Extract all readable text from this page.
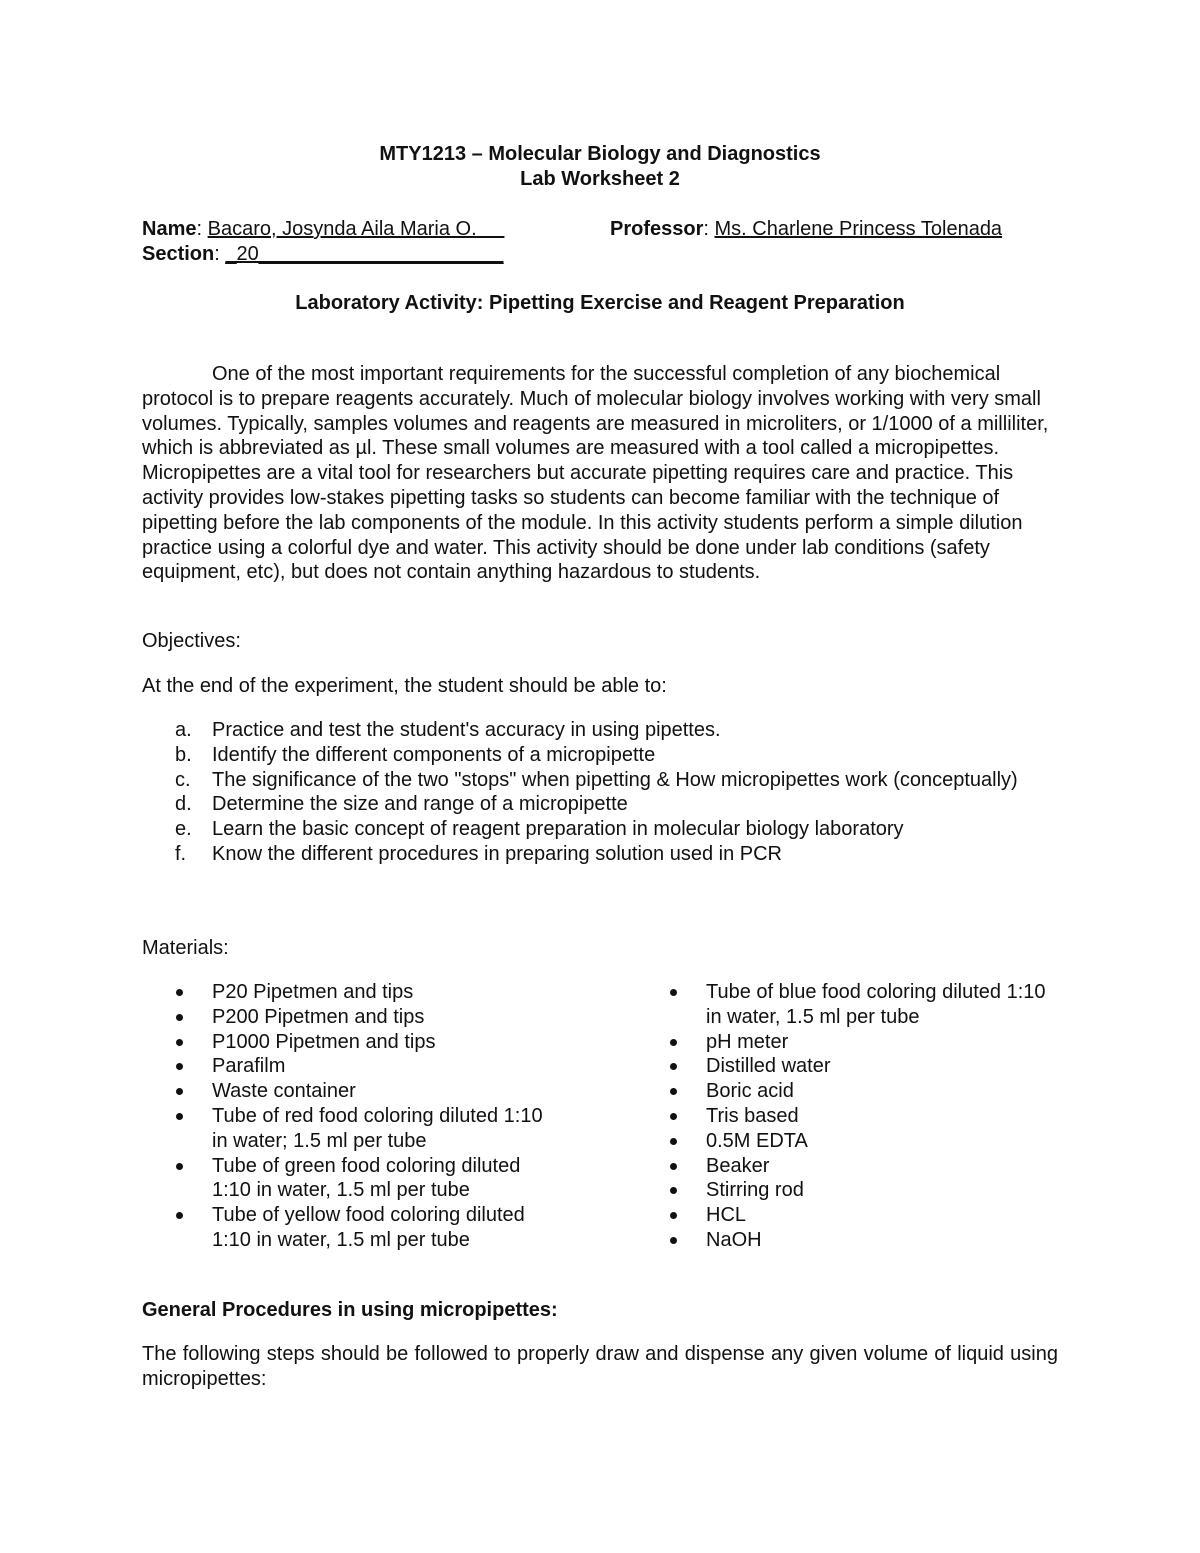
MTY1213 – Molecular Biology and Diagnostics
Lab Worksheet 2
Name: Bacaro, Josynda Aila Maria O.	Professor: Ms. Charlene Princess Tolenada
Section: _20______________________
Laboratory Activity: Pipetting Exercise and Reagent Preparation

One of the most important requirements for the successful completion of any biochemical protocol is to prepare reagents accurately. Much of molecular biology involves working with very small volumes. Typically, samples volumes and reagents are measured in microliters, or 1/1000 of a milliliter, which is abbreviated as µl. These small volumes are measured with a tool called a micropipettes. Micropipettes are a vital tool for researchers but accurate pipetting requires care and practice. This activity provides low-stakes pipetting tasks so students can become familiar with the technique of pipetting before the lab components of the module. In this activity students perform a simple dilution practice using a colorful dye and water. This activity should be done under lab conditions (safety equipment, etc), but does not contain anything hazardous to students.

Objectives:
At the end of the experiment, the student should be able to:
a. Practice and test the student's accuracy in using pipettes.
b. Identify the different components of a micropipette
c. The significance of the two "stops" when pipetting & How micropipettes work (conceptually)
d. Determine the size and range of a micropipette
e. Learn the basic concept of reagent preparation in molecular biology laboratory
f. Know the different procedures in preparing solution used in PCR
Materials:
P20 Pipetmen and tips
P200 Pipetmen and tips
P1000 Pipetmen and tips
Parafilm
Waste container
Tube of red food coloring diluted 1:10 in water; 1.5 ml per tube
Tube of green food coloring diluted 1:10 in water, 1.5 ml per tube
Tube of yellow food coloring diluted 1:10 in water, 1.5 ml per tube
Tube of blue food coloring diluted 1:10 in water, 1.5 ml per tube
pH meter
Distilled water
Boric acid
Tris based
0.5M EDTA
Beaker
Stirring rod
HCL
NaOH
General Procedures in using micropipettes:
The following steps should be followed to properly draw and dispense any given volume of liquid using micropipettes:
